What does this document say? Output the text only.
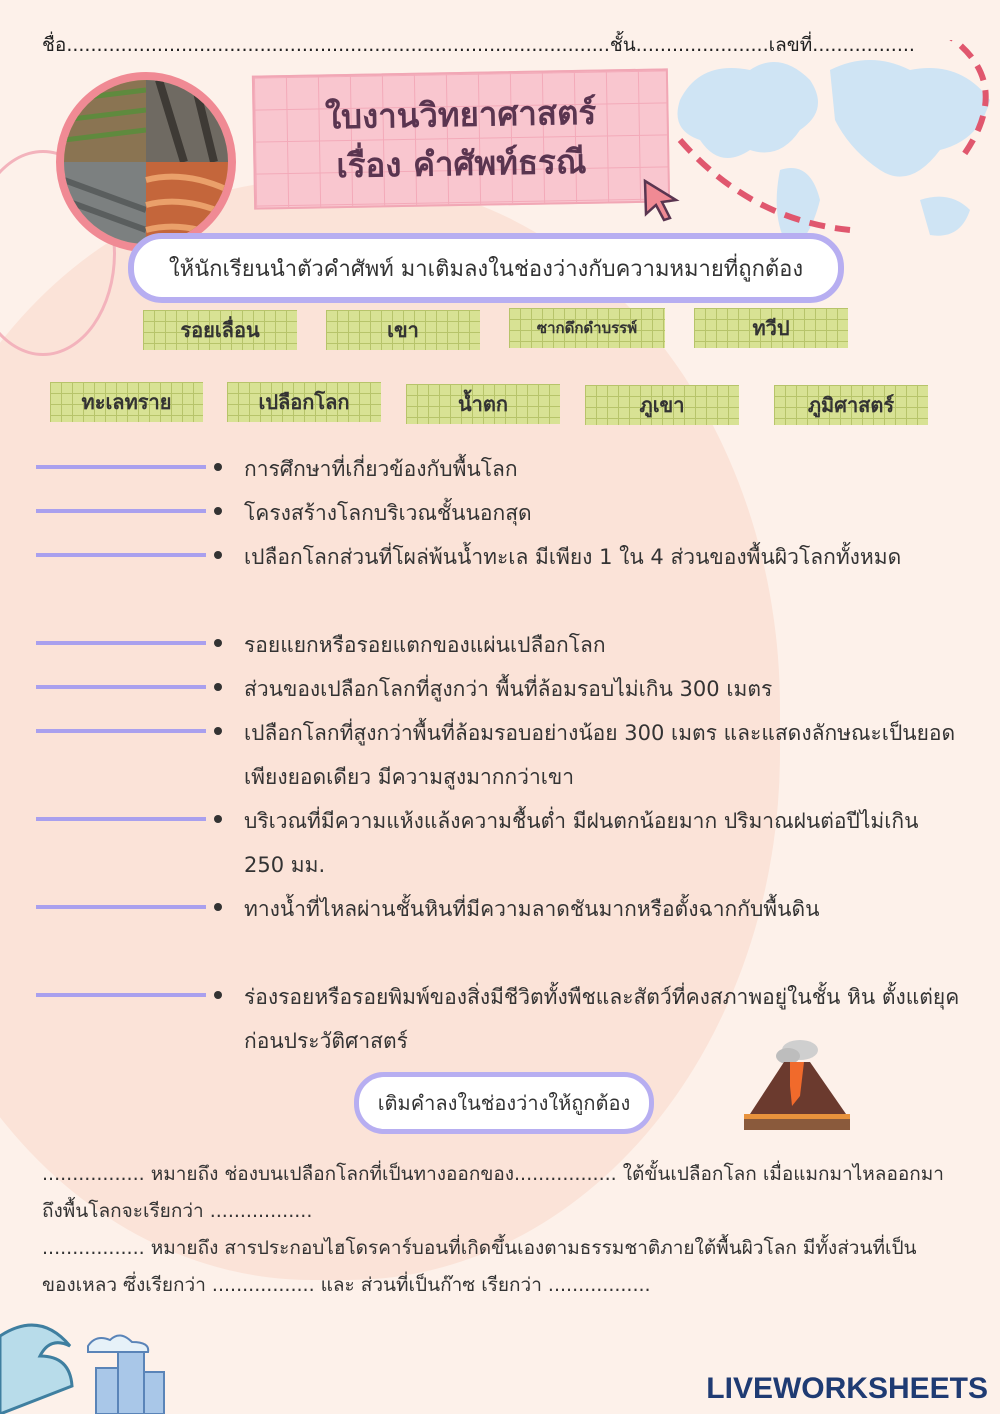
ชื่อ..........................................................................................ชั้น......................เลขที่.................
ใบงานวิทยาศาสตร์
เรื่อง คำศัพท์ธรณี
ให้นักเรียนนำตัวคำศัพท์ มาเติมลงในช่องว่างกับความหมายที่ถูกต้อง
รอยเลื่อน	เขา	ซากดึกดำบรรพ์	ทวีป
ทะเลทราย	เปลือกโลก	น้ำตก	ภูเขา	ภูมิศาสตร์
การศึกษาที่เกี่ยวข้องกับพื้นโลก
โครงสร้างโลกบริเวณชั้นนอกสุด
เปลือกโลกส่วนที่โผล่พ้นน้ำทะเล มีเพียง 1 ใน 4 ส่วนของพื้นผิวโลกทั้งหมด
รอยแยกหรือรอยแตกของแผ่นเปลือกโลก
ส่วนของเปลือกโลกที่สูงกว่า พื้นที่ล้อมรอบไม่เกิน 300 เมตร
เปลือกโลกที่สูงกว่าพื้นที่ล้อมรอบอย่างน้อย 300 เมตร และแสดงลักษณะเป็นยอดเพียงยอดเดียว มีความสูงมากกว่าเขา
บริเวณที่มีความแห้งแล้งความชื้นต่ำ มีฝนตกน้อยมาก ปริมาณฝนต่อปีไม่เกิน 250 มม.
ทางน้ำที่ไหลผ่านชั้นหินที่มีความลาดชันมากหรือตั้งฉากกับพื้นดิน
ร่องรอยหรือรอยพิมพ์ของสิ่งมีชีวิตทั้งพืชและสัตว์ที่คงสภาพอยู่ในชั้น หิน ตั้งแต่ยุคก่อนประวัติศาสตร์
เติมคำลงในช่องว่างให้ถูกต้อง
................. หมายถึง ช่องบนเปลือกโลกที่เป็นทางออกของ................. ใต้ขั้นเปลือกโลก เมื่อแมกมาไหลออกมาถึงพื้นโลกจะเรียกว่า .................
................. หมายถึง สารประกอบไฮโดรคาร์บอนที่เกิดขึ้นเองตามธรรมชาติภายใต้พื้นผิวโลก มีทั้งส่วนที่เป็นของเหลว ซึ่งเรียกว่า ................. และ ส่วนที่เป็นก๊าซ เรียกว่า .................
LIVEWORKSHEETS
